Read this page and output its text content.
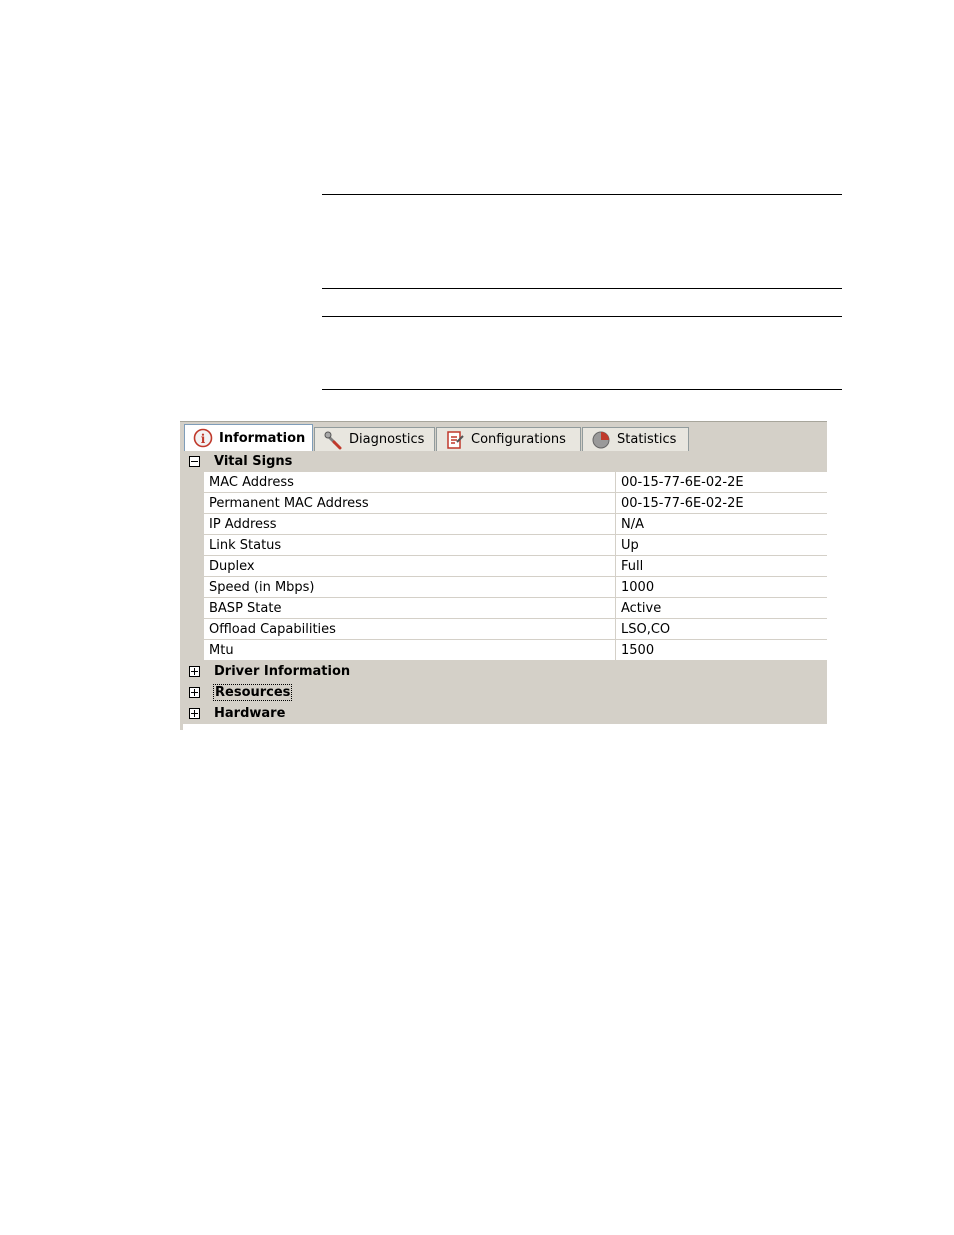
i Information	Diagnostics	Configurations	Statistics
Vital Signs
MAC Address	00-15-77-6E-02-2E
Permanent MAC Address	00-15-77-6E-02-2E
IP Address	N/A
Link Status	Up
Duplex	Full
Speed (in Mbps)	1000
BASP State	Active
Offload Capabilities	LSO,CO
Mtu	1500
Driver Information
Resources
Hardware
